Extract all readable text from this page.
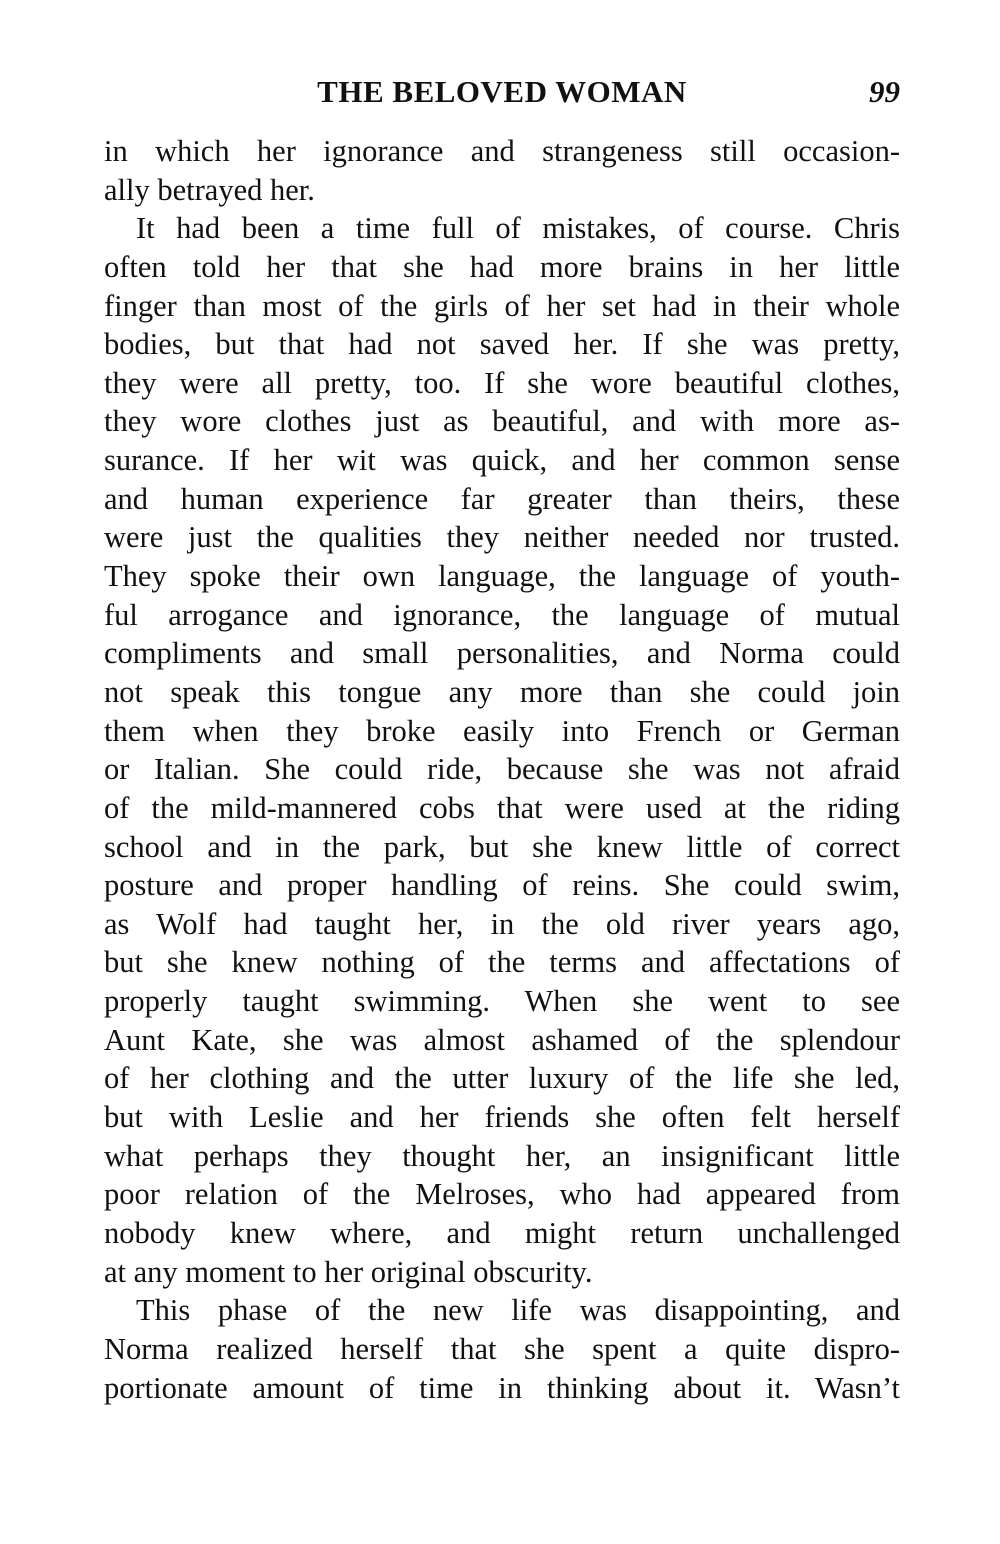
THE BELOVED WOMAN	99
in which her ignorance and strangeness still occasion-
ally betrayed her.
It had been a time full of mistakes, of course. Chris
often told her that she had more brains in her little
finger than most of the girls of her set had in their whole
bodies, but that had not saved her. If she was pretty,
they were all pretty, too. If she wore beautiful clothes,
they wore clothes just as beautiful, and with more as-
surance. If her wit was quick, and her common sense
and human experience far greater than theirs, these
were just the qualities they neither needed nor trusted.
They spoke their own language, the language of youth-
ful arrogance and ignorance, the language of mutual
compliments and small personalities, and Norma could
not speak this tongue any more than she could join
them when they broke easily into French or German
or Italian. She could ride, because she was not afraid
of the mild-mannered cobs that were used at the riding
school and in the park, but she knew little of correct
posture and proper handling of reins. She could swim,
as Wolf had taught her, in the old river years ago,
but she knew nothing of the terms and affectations of
properly taught swimming. When she went to see
Aunt Kate, she was almost ashamed of the splendour
of her clothing and the utter luxury of the life she led,
but with Leslie and her friends she often felt herself
what perhaps they thought her, an insignificant little
poor relation of the Melroses, who had appeared from
nobody knew where, and might return unchallenged
at any moment to her original obscurity.
This phase of the new life was disappointing, and
Norma realized herself that she spent a quite dispro-
portionate amount of time in thinking about it. Wasn’t
